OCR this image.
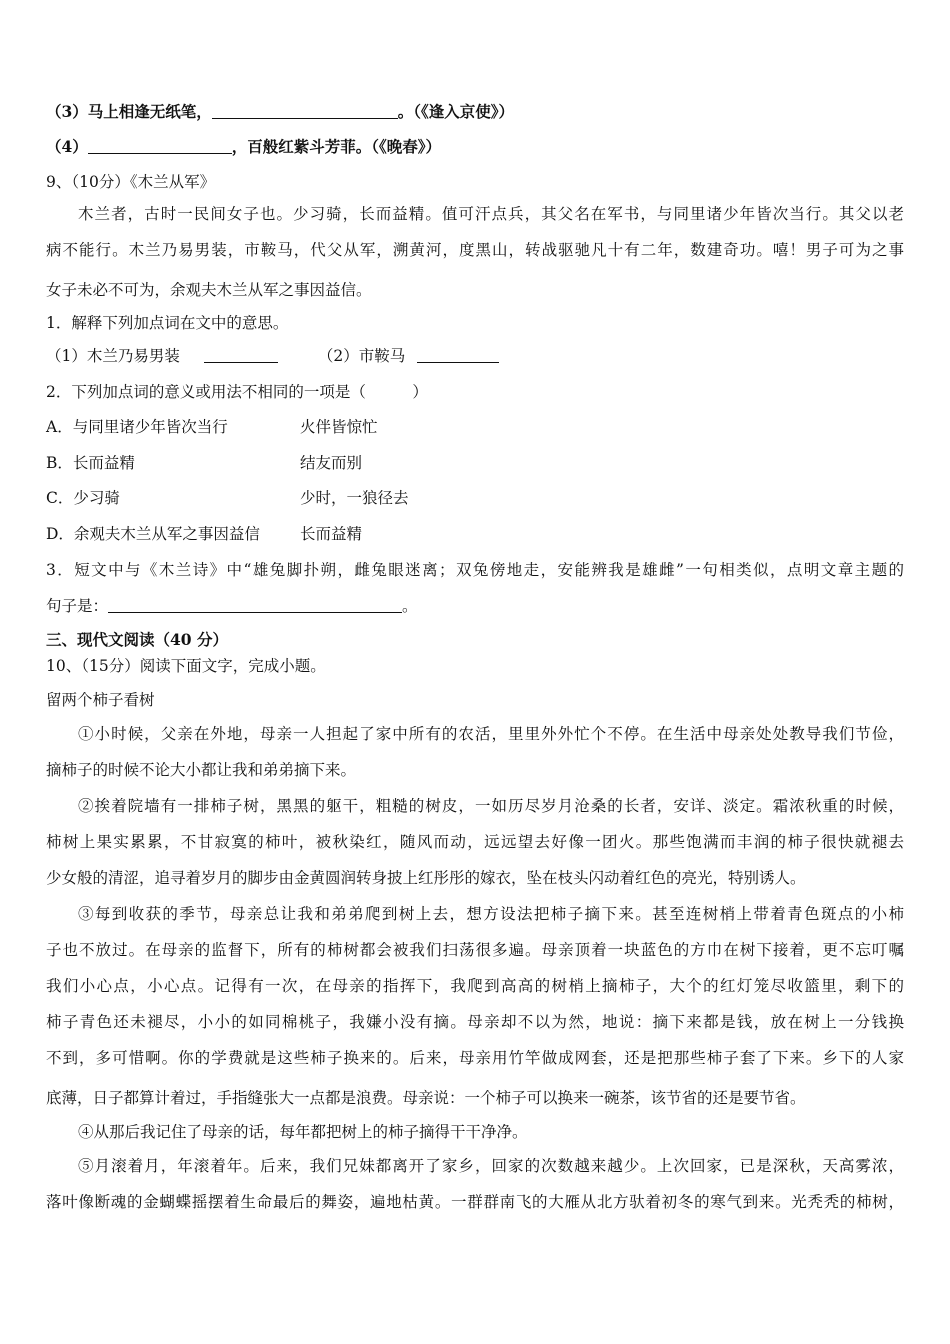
（3）马上相逢无纸笔，	。（《逢入京使》）
（4）	，百般红紫斗芳菲。（《晚春》）
9、（10分）《木兰从军》
木兰者，古时一民间女子也。少习骑，长而益精。值可汗点兵，其父名在军书，与同里诸少年皆次当行。其父以老
病不能行。木兰乃易男装，市鞍马，代父从军，溯黄河，度黑山，转战驱驰凡十有二年，数建奇功。嘻！男子可为之事
女子未必不可为，余观夫木兰从军之事因益信。
1．解释下列加点词在文中的意思。
（1）木兰乃易男装	（2）市鞍马
2．下列加点词的意义或用法不相同的一项是（　　　）
A．与同里诸少年皆次当行	火伴皆惊忙
B．长而益精	结友而别
C．少习骑	少时，一狼径去
D．余观夫木兰从军之事因益信	长而益精
3．短文中与《木兰诗》中“雄兔脚扑朔，雌兔眼迷离；双兔傍地走，安能辨我是雄雌”一句相类似，点明文章主题的
句子是：	。
三、现代文阅读（40 分）
10、（15分）阅读下面文字，完成小题。
留两个柿子看树
①小时候，父亲在外地，母亲一人担起了家中所有的农活，里里外外忙个不停。在生活中母亲处处教导我们节俭，
摘柿子的时候不论大小都让我和弟弟摘下来。
②挨着院墙有一排柿子树，黑黑的躯干，粗糙的树皮，一如历尽岁月沧桑的长者，安详、淡定。霜浓秋重的时候，
柿树上果实累累，不甘寂寞的柿叶，被秋染红，随风而动，远远望去好像一团火。那些饱满而丰润的柿子很快就褪去
少女般的清涩，追寻着岁月的脚步由金黄圆润转身披上红彤彤的嫁衣，坠在枝头闪动着红色的亮光，特别诱人。
③每到收获的季节，母亲总让我和弟弟爬到树上去，想方设法把柿子摘下来。甚至连树梢上带着青色斑点的小柿
子也不放过。在母亲的监督下，所有的柿树都会被我们扫荡很多遍。母亲顶着一块蓝色的方巾在树下接着，更不忘叮嘱
我们小心点，小心点。记得有一次，在母亲的指挥下，我爬到高高的树梢上摘柿子，大个的红灯笼尽收篮里，剩下的
柿子青色还未褪尽，小小的如同棉桃子，我嫌小没有摘。母亲却不以为然，地说：摘下来都是钱，放在树上一分钱换
不到，多可惜啊。你的学费就是这些柿子换来的。后来，母亲用竹竿做成网套，还是把那些柿子套了下来。乡下的人家
底薄，日子都算计着过，手指缝张大一点都是浪费。母亲说：一个柿子可以换来一碗茶，该节省的还是要节省。
④从那后我记住了母亲的话，每年都把树上的柿子摘得干干净净。
⑤月滚着月，年滚着年。后来，我们兄妹都离开了家乡，回家的次数越来越少。上次回家，已是深秋，天高雾浓，
落叶像断魂的金蝴蝶摇摆着生命最后的舞姿，遍地枯黄。一群群南飞的大雁从北方驮着初冬的寒气到来。光秃秃的柿树，
